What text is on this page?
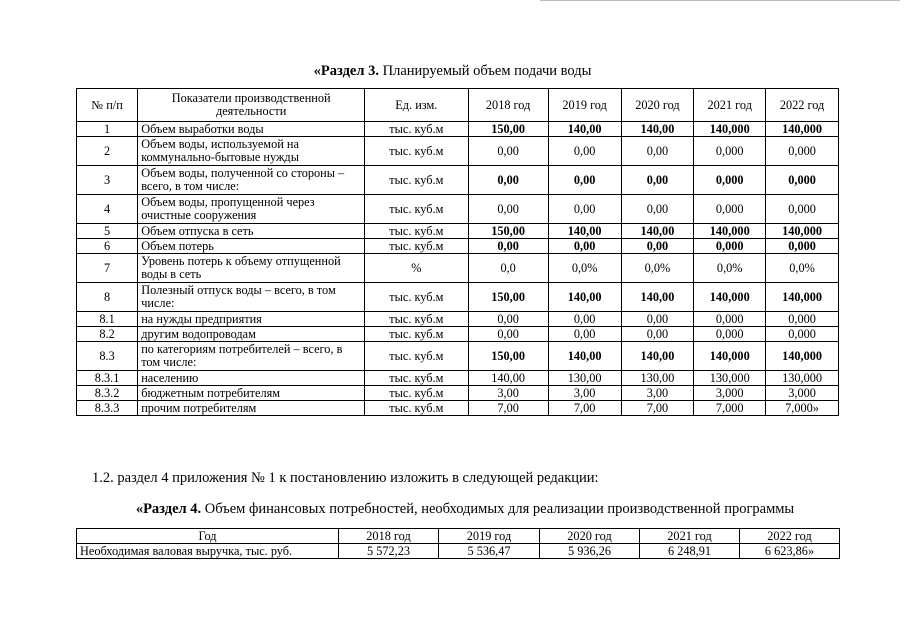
«Раздел 3. Планируемый объем подачи воды
№ п/п	Показатели производственной деятельности	Ед. изм.	2018 год	2019 год	2020 год	2021 год	2022 год
1	Объем выработки воды	тыс. куб.м	150,00	140,00	140,00	140,000	140,000
2	Объем воды, используемой на коммунально-бытовые нужды	тыс. куб.м	0,00	0,00	0,00	0,000	0,000
3	Объем воды, полученной со стороны – всего, в том числе:	тыс. куб.м	0,00	0,00	0,00	0,000	0,000
4	Объем воды, пропущенной через очистные сооружения	тыс. куб.м	0,00	0,00	0,00	0,000	0,000
5	Объем отпуска в сеть	тыс. куб.м	150,00	140,00	140,00	140,000	140,000
6	Объем потерь	тыс. куб.м	0,00	0,00	0,00	0,000	0,000
7	Уровень потерь к объему отпущенной воды в сеть	%	0,0	0,0%	0,0%	0,0%	0,0%
8	Полезный отпуск воды – всего, в том числе:	тыс. куб.м	150,00	140,00	140,00	140,000	140,000
8.1	на нужды предприятия	тыс. куб.м	0,00	0,00	0,00	0,000	0,000
8.2	другим водопроводам	тыс. куб.м	0,00	0,00	0,00	0,000	0,000
8.3	по категориям потребителей – всего, в том числе:	тыс. куб.м	150,00	140,00	140,00	140,000	140,000
8.3.1	населению	тыс. куб.м	140,00	130,00	130,00	130,000	130,000
8.3.2	бюджетным потребителям	тыс. куб.м	3,00	3,00	3,00	3,000	3,000
8.3.3	прочим потребителям	тыс. куб.м	7,00	7,00	7,00	7,000	7,000»
1.2. раздел 4 приложения № 1 к постановлению изложить в следующей редакции:
«Раздел 4. Объем финансовых потребностей, необходимых для реализации производственной программы
Год	2018 год	2019 год	2020 год	2021 год	2022 год
Необходимая валовая выручка, тыс. руб.	5 572,23	5 536,47	5 936,26	6 248,91	6 623,86»
